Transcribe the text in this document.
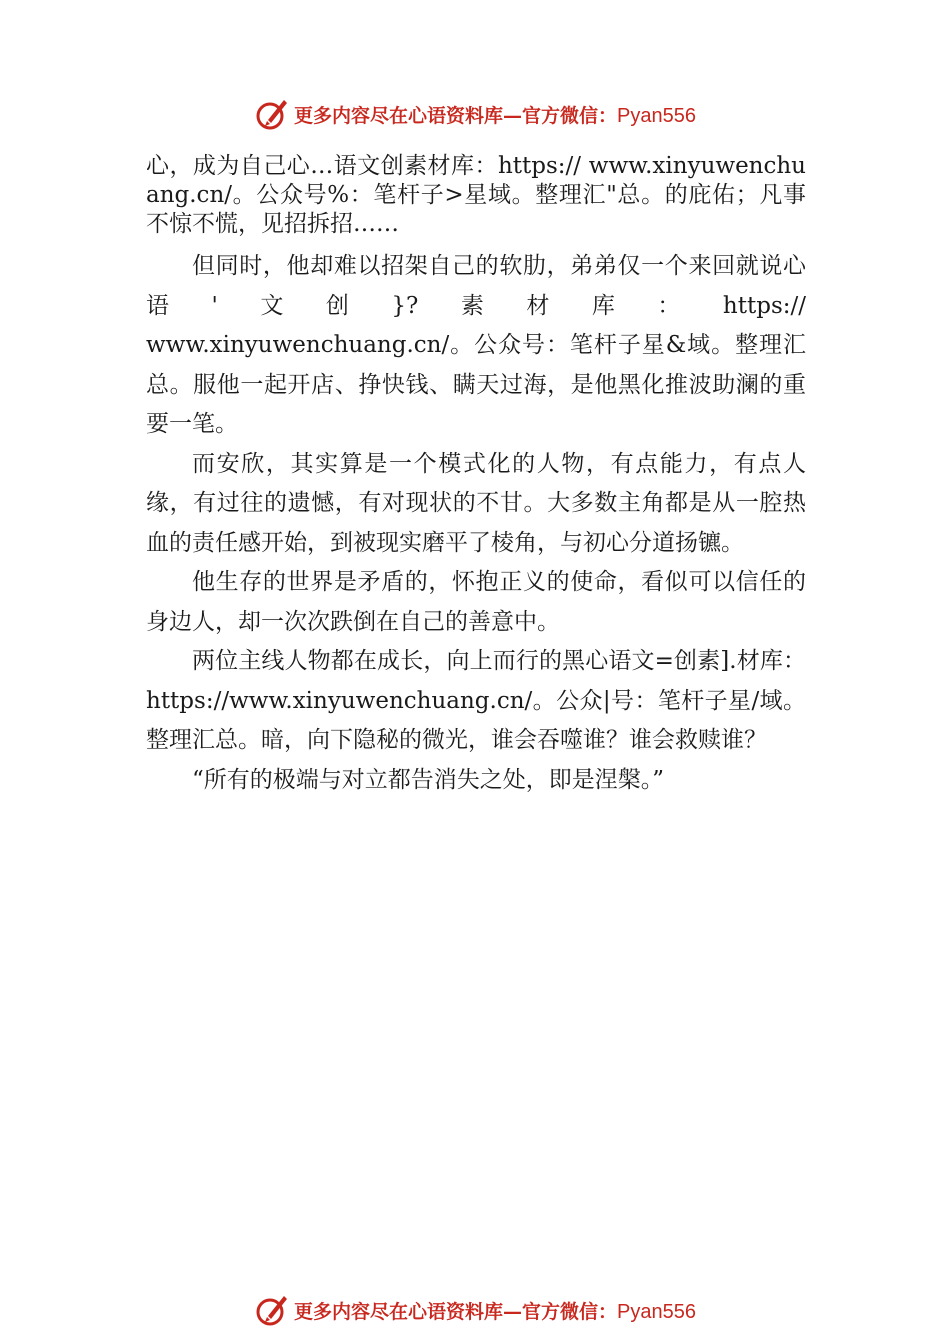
更多内容尽在心语资料库—官方微信：Pyan556

心，成为自己心…语文创素材库：https:// www.xinyuwenchuang.cn/。公众号%：笔杆子>星域。整理汇"总。的庇佑；凡事不惊不慌，见招拆招……

但同时，他却难以招架自己的软肋，弟弟仅一个来回就说心语'文创}?素材库：https://

www.xinyuwenchuang.cn/。公众号：笔杆子星&域。整理汇总。服他一起开店、挣快钱、瞒天过海，是他黑化推波助澜的重要一笔。

而安欣，其实算是一个模式化的人物，有点能力，有点人缘，有过往的遗憾，有对现状的不甘。大多数主角都是从一腔热血的责任感开始，到被现实磨平了棱角，与初心分道扬镳。

他生存的世界是矛盾的，怀抱正义的使命，看似可以信任的身边人，却一次次跌倒在自己的善意中。

两位主线人物都在成长，向上而行的黑心语文=创素].材库：https://www.xinyuwenchuang.cn/。公众|号：笔杆子星/域。整理汇总。暗，向下隐秘的微光，谁会吞噬谁？谁会救赎谁？

“所有的极端与对立都告消失之处，即是涅槃。”

更多内容尽在心语资料库—官方微信：Pyan556
